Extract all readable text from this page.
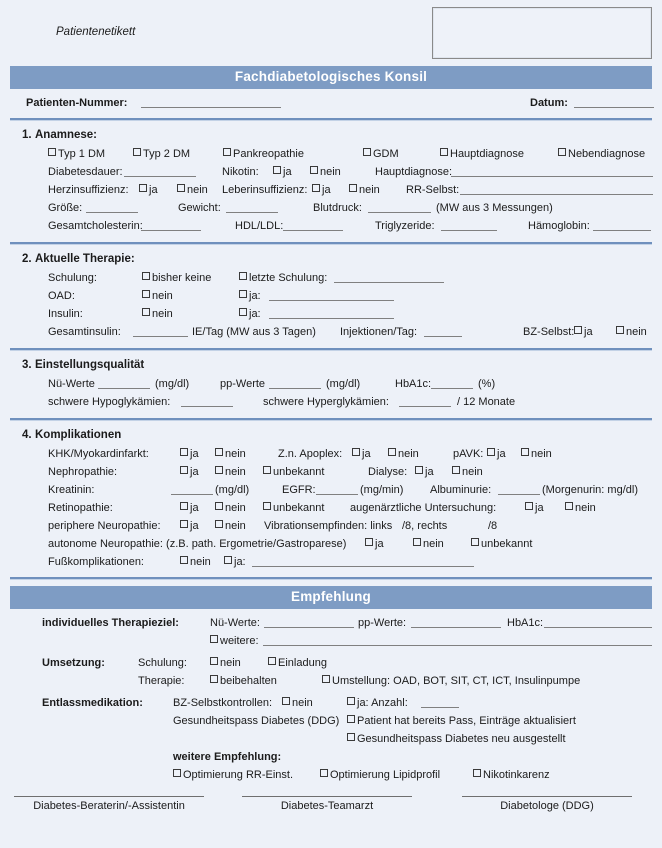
Patientenetikett
Fachdiabetologisches Konsil
Patienten-Nummer:	Datum:
1. Anamnese:
Typ 1 DM	Typ 2 DM	Pankreopathie	GDM	Hauptdiagnose	Nebendiagnose
Diabetesdauer:	Nikotin:	ja	nein	Hauptdiagnose:
Herzinsuffizienz:	ja	nein Leberinsuffizienz:	ja	nein RR-Selbst:
Größe:	Gewicht:	Blutdruck:	(MW aus 3 Messungen)
Gesamtcholesterin:	HDL/LDL:	Triglyzeride:	Hämoglobin:
2. Aktuelle Therapie:
Schulung:	bisher keine	letzte Schulung:
OAD:	nein	ja:
Insulin:	nein	ja:
Gesamtinsulin:	IE/Tag (MW aus 3 Tagen) Injektionen/Tag:	BZ-Selbst: ja	nein
3. Einstellungsqualität
Nü-Werte	(mg/dl)	pp-Werte	(mg/dl)	HbA1c:	(%)
schwere Hypoglykämien:	schwere Hyperglykämien:	/ 12 Monate
4. Komplikationen
KHK/Myokardinfarkt:	ja	nein	Z.n. Apoplex:	ja	nein	pAVK:	ja	nein
Nephropathie:	ja	nein	unbekannt	Dialyse:	ja	nein
Kreatinin:	(mg/dl)	EGFR:	(mg/min) Albuminurie:	(Morgenurin: mg/dl)
Retinopathie:	ja	nein	unbekannt augenärztliche Untersuchung:	ja	nein
periphere Neuropathie:	ja	nein Vibrationsempfinden: links /8, rechts	/8
autonome Neuropathie: (z.B. path. Ergometrie/Gastroparese)	ja	nein	unbekannt
Fußkomplikationen:	nein	ja:
Empfehlung
individuelles Therapieziel:	Nü-Werte:	pp-Werte:	HbA1c:
weitere:
Umsetzung:	Schulung:	nein	Einladung
Therapie:	beibehalten	Umstellung: OAD, BOT, SIT, CT, ICT, Insulinpumpe
Entlassmedikation:	BZ-Selbstkontrollen:	nein	ja: Anzahl:
Gesundheitspass Diabetes (DDG)	Patient hat bereits Pass, Einträge aktualisiert
Gesundheitspass Diabetes neu ausgestellt
weitere Empfehlung:
Optimierung RR-Einst.	Optimierung Lipidprofil	Nikotinkarenz
Diabetes-Beraterin/-Assistentin	Diabetes-Teamarzt	Diabetologe (DDG)
